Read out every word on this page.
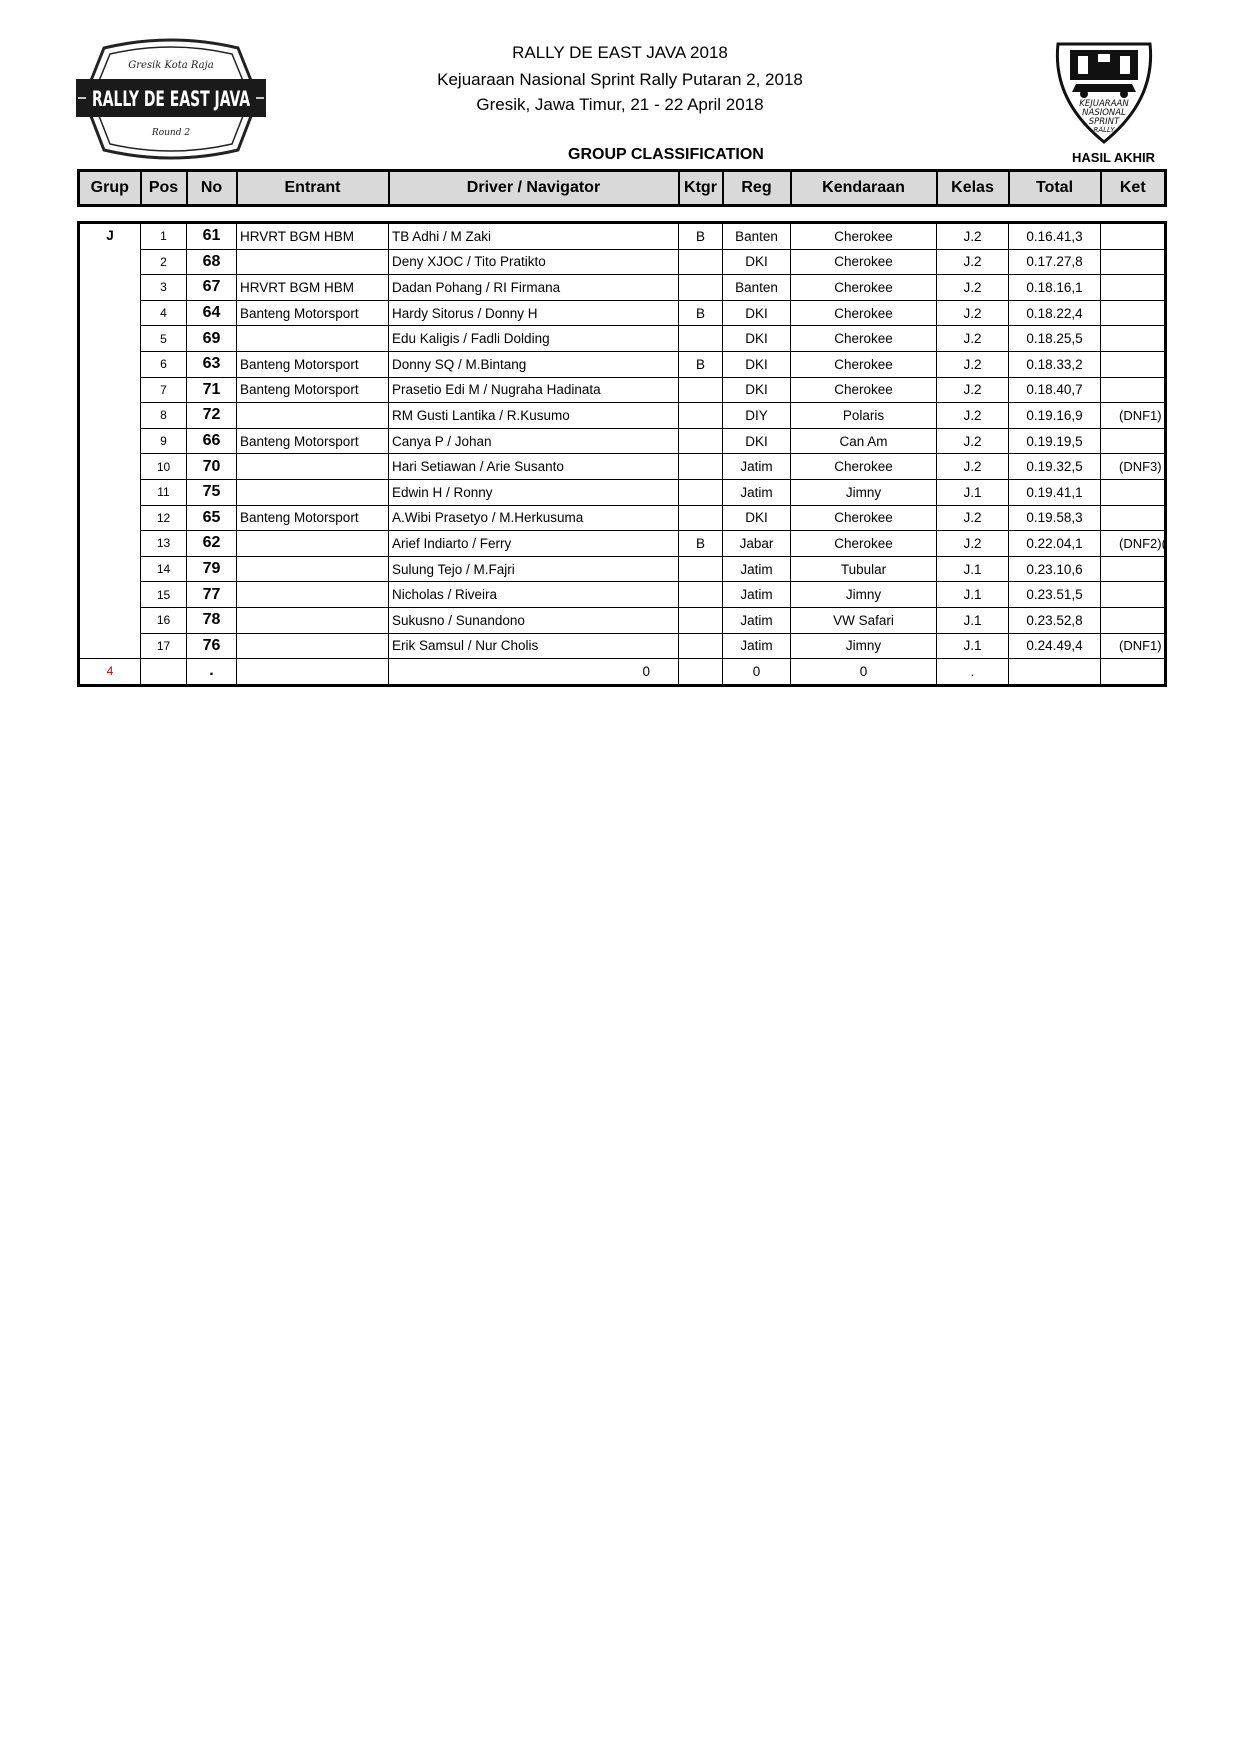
Gresik Kota Raja
RALLY DE EAST JAVA
Round 2
KEJUARAAN
NASIONAL
SPRINT
RALLY
RALLY DE EAST JAVA 2018
Kejuaraan Nasional Sprint Rally Putaran 2, 2018
Gresik, Jawa Timur, 21 - 22 April 2018
GROUP CLASSIFICATION	HASIL AKHIR
Grup	Pos	No	Entrant	Driver / Navigator	Ktgr	Reg	Kendaraan	Kelas	Total	Ket
J	1	61	HRVRT BGM HBM	TB Adhi / M Zaki	B	Banten	Cherokee	J.2	0.16.41,3	
	2	68		Deny XJOC / Tito Pratikto		DKI	Cherokee	J.2	0.17.27,8	
	3	67	HRVRT BGM HBM	Dadan Pohang / RI Firmana		Banten	Cherokee	J.2	0.18.16,1	
	4	64	Banteng Motorsport	Hardy Sitorus / Donny H	B	DKI	Cherokee	J.2	0.18.22,4	
	5	69		Edu Kaligis / Fadli Dolding		DKI	Cherokee	J.2	0.18.25,5	
	6	63	Banteng Motorsport	Donny SQ / M.Bintang	B	DKI	Cherokee	J.2	0.18.33,2	
	7	71	Banteng Motorsport	Prasetio Edi M / Nugraha Hadinata		DKI	Cherokee	J.2	0.18.40,7	
	8	72		RM Gusti Lantika / R.Kusumo		DIY	Polaris	J.2	0.19.16,9	(DNF1)
	9	66	Banteng Motorsport	Canya P / Johan		DKI	Can Am	J.2	0.19.19,5	
	10	70		Hari Setiawan / Arie Susanto		Jatim	Cherokee	J.2	0.19.32,5	(DNF3)
	11	75		Edwin H / Ronny		Jatim	Jimny	J.1	0.19.41,1	
	12	65	Banteng Motorsport	A.Wibi Prasetyo / M.Herkusuma		DKI	Cherokee	J.2	0.19.58,3	
	13	62		Arief Indiarto / Ferry	B	Jabar	Cherokee	J.2	0.22.04,1	(DNF2)(
	14	79		Sulung Tejo / M.Fajri		Jatim	Tubular	J.1	0.23.10,6	
	15	77		Nicholas / Riveira		Jatim	Jimny	J.1	0.23.51,5	
	16	78		Sukusno / Sunandono		Jatim	VW Safari	J.1	0.23.52,8	
	17	76		Erik Samsul / Nur Cholis		Jatim	Jimny	J.1	0.24.49,4	(DNF1)
4		.		0		0	0	.		
